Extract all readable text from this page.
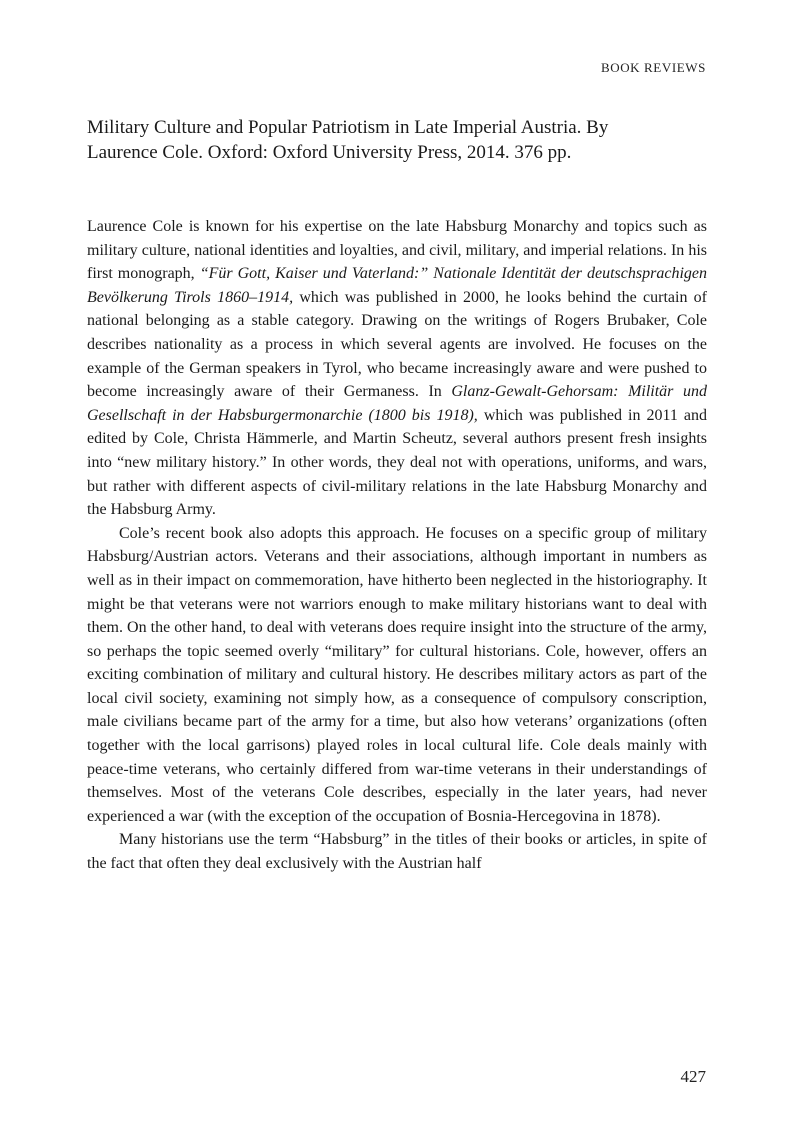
BOOK REVIEWS
Military Culture and Popular Patriotism in Late Imperial Austria. By
Laurence Cole. Oxford: Oxford University Press, 2014. 376 pp.

Laurence Cole is known for his expertise on the late Habsburg Monarchy and topics such as military culture, national identities and loyalties, and civil, military, and imperial relations. In his first monograph, “Für Gott, Kaiser und Vaterland:” Nationale Identität der deutschsprachigen Bevölkerung Tirols 1860–1914, which was published in 2000, he looks behind the curtain of national belonging as a stable category. Drawing on the writings of Rogers Brubaker, Cole describes nationality as a process in which several agents are involved. He focuses on the example of the German speakers in Tyrol, who became increasingly aware and were pushed to become increasingly aware of their Germaness. In Glanz-Gewalt-Gehorsam: Militär und Gesellschaft in der Habsburgermonarchie (1800 bis 1918), which was published in 2011 and edited by Cole, Christa Hämmerle, and Martin Scheutz, several authors present fresh insights into “new military history.” In other words, they deal not with operations, uniforms, and wars, but rather with different aspects of civil-military relations in the late Habsburg Monarchy and the Habsburg Army.

Cole’s recent book also adopts this approach. He focuses on a specific group of military Habsburg/Austrian actors. Veterans and their associations, although important in numbers as well as in their impact on commemoration, have hitherto been neglected in the historiography. It might be that veterans were not warriors enough to make military historians want to deal with them. On the other hand, to deal with veterans does require insight into the structure of the army, so perhaps the topic seemed overly “military” for cultural historians. Cole, however, offers an exciting combination of military and cultural history. He describes military actors as part of the local civil society, examining not simply how, as a consequence of compulsory conscription, male civilians became part of the army for a time, but also how veterans’ organizations (often together with the local garrisons) played roles in local cultural life. Cole deals mainly with peace-time veterans, who certainly differed from war-time veterans in their understandings of themselves. Most of the veterans Cole describes, especially in the later years, had never experienced a war (with the exception of the occupation of Bosnia-Hercegovina in 1878).

Many historians use the term “Habsburg” in the titles of their books or articles, in spite of the fact that often they deal exclusively with the Austrian half

427
